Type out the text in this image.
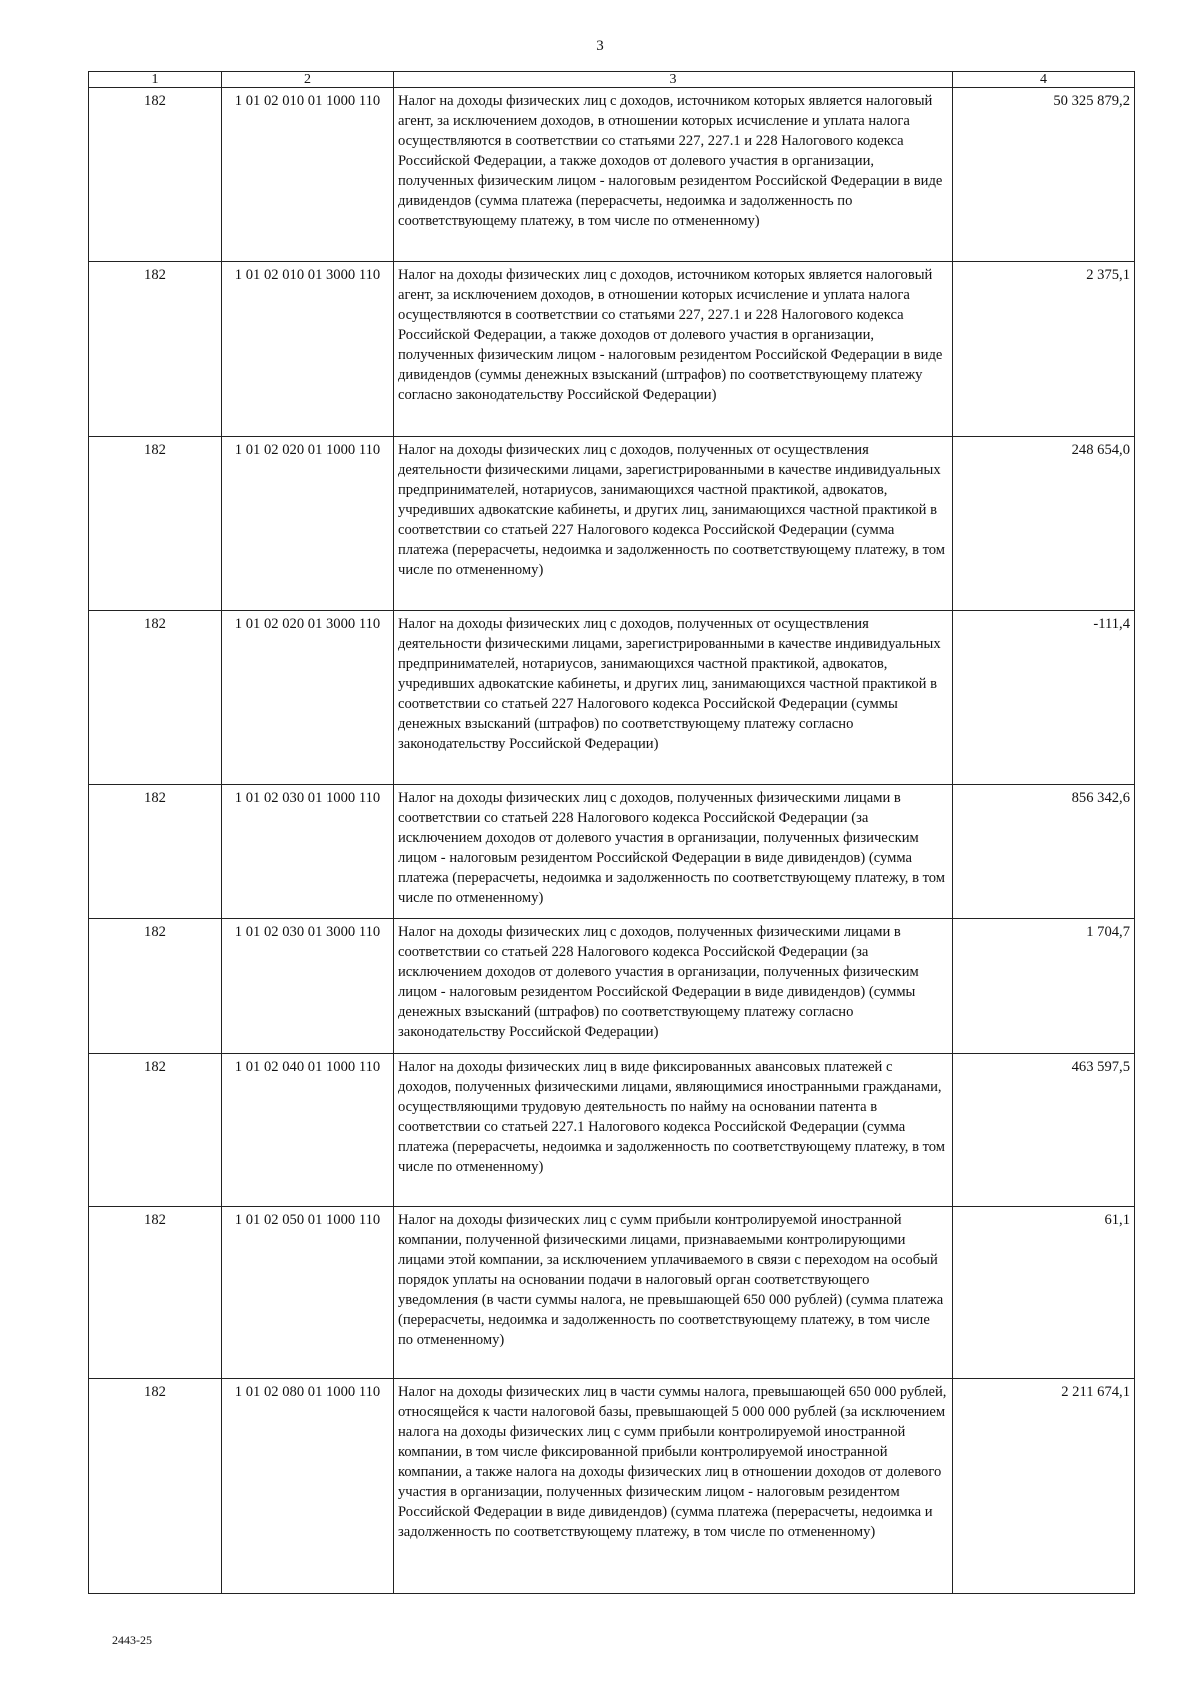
3
1	2	3	4
182	1 01 02 010 01 1000 110	Налог на доходы физических лиц с доходов, источником которых является налоговый агент, за исключением доходов, в отношении которых исчисление и уплата налога осуществляются в соответствии со статьями 227, 227.1 и 228 Налогового кодекса Российской Федерации, а также доходов от долевого участия в организации, полученных физическим лицом - налоговым резидентом Российской Федерации в виде дивидендов (сумма платежа (перерасчеты, недоимка и задолженность по соответствующему платежу, в том числе по отмененному)	50 325 879,2
182	1 01 02 010 01 3000 110	Налог на доходы физических лиц с доходов, источником которых является налоговый агент, за исключением доходов, в отношении которых исчисление и уплата налога осуществляются в соответствии со статьями 227, 227.1 и 228 Налогового кодекса Российской Федерации, а также доходов от долевого участия в организации, полученных физическим лицом - налоговым резидентом Российской Федерации в виде дивидендов (суммы денежных взысканий (штрафов) по соответствующему платежу согласно законодательству Российской Федерации)	2 375,1
182	1 01 02 020 01 1000 110	Налог на доходы физических лиц с доходов, полученных от осуществления деятельности физическими лицами, зарегистрированными в качестве индивидуальных предпринимателей, нотариусов, занимающихся частной практикой, адвокатов, учредивших адвокатские кабинеты, и других лиц, занимающихся частной практикой в соответствии со статьей 227 Налогового кодекса Российской Федерации (сумма платежа (перерасчеты, недоимка и задолженность по соответствующему платежу, в том числе по отмененному)	248 654,0
182	1 01 02 020 01 3000 110	Налог на доходы физических лиц с доходов, полученных от осуществления деятельности физическими лицами, зарегистрированными в качестве индивидуальных предпринимателей, нотариусов, занимающихся частной практикой, адвокатов, учредивших адвокатские кабинеты, и других лиц, занимающихся частной практикой в соответствии со статьей 227 Налогового кодекса Российской Федерации (суммы денежных взысканий (штрафов) по соответствующему платежу согласно законодательству Российской Федерации)	-111,4
182	1 01 02 030 01 1000 110	Налог на доходы физических лиц с доходов, полученных физическими лицами в соответствии со статьей 228 Налогового кодекса Российской Федерации (за исключением доходов от долевого участия в организации, полученных физическим лицом - налоговым резидентом Российской Федерации в виде дивидендов) (сумма платежа (перерасчеты, недоимка и задолженность по соответствующему платежу, в том числе по отмененному)	856 342,6
182	1 01 02 030 01 3000 110	Налог на доходы физических лиц с доходов, полученных физическими лицами в соответствии со статьей 228 Налогового кодекса Российской Федерации (за исключением доходов от долевого участия в организации, полученных физическим лицом - налоговым резидентом Российской Федерации в виде дивидендов) (суммы денежных взысканий (штрафов) по соответствующему платежу согласно законодательству Российской Федерации)	1 704,7
182	1 01 02 040 01 1000 110	Налог на доходы физических лиц в виде фиксированных авансовых платежей с доходов, полученных физическими лицами, являющимися иностранными гражданами, осуществляющими трудовую деятельность по найму на основании патента в соответствии со статьей 227.1 Налогового кодекса Российской Федерации (сумма платежа (перерасчеты, недоимка и задолженность по соответствующему платежу, в том числе по отмененному)	463 597,5
182	1 01 02 050 01 1000 110	Налог на доходы физических лиц с сумм прибыли контролируемой иностранной компании, полученной физическими лицами, признаваемыми контролирующими лицами этой компании, за исключением уплачиваемого в связи с переходом на особый порядок уплаты на основании подачи в налоговый орган соответствующего уведомления (в части суммы налога, не превышающей 650 000 рублей) (сумма платежа (перерасчеты, недоимка и задолженность по соответствующему платежу, в том числе по отмененному)	61,1
182	1 01 02 080 01 1000 110	Налог на доходы физических лиц в части суммы налога, превышающей 650 000 рублей, относящейся к части налоговой базы, превышающей 5 000 000 рублей (за исключением налога на доходы физических лиц с сумм прибыли контролируемой иностранной компании, в том числе фиксированной прибыли контролируемой иностранной компании, а также налога на доходы физических лиц в отношении доходов от долевого участия в организации, полученных физическим лицом - налоговым резидентом Российской Федерации в виде дивидендов) (сумма платежа (перерасчеты, недоимка и задолженность по соответствующему платежу, в том числе по отмененному)	2 211 674,1
2443-25
